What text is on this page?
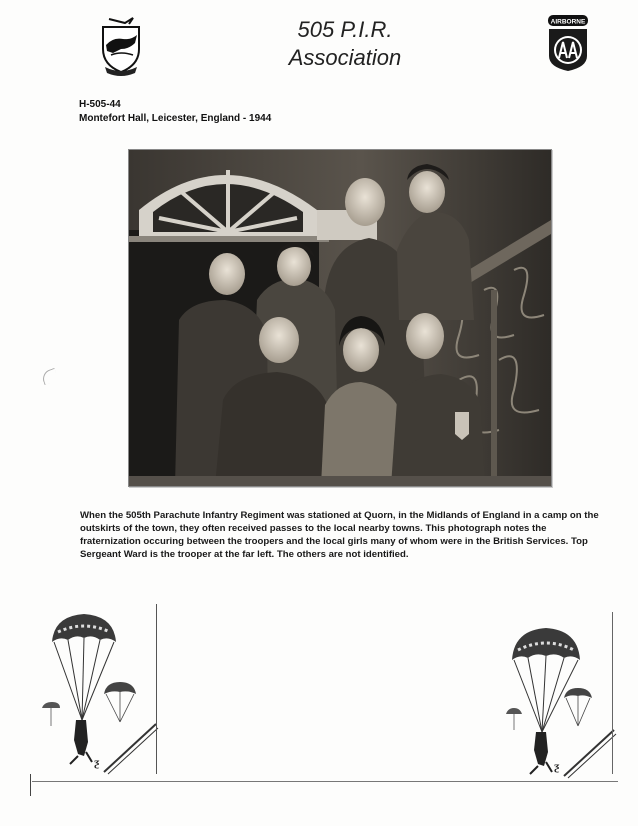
505 P.I.R.
Association
AIRBORNE
H-505-44
Montefort Hall, Leicester, England - 1944
When the 505th Parachute Infantry Regiment was stationed at Quorn, in the Midlands of England in a camp on the outskirts of the town, they often received passes to the local nearby towns. This photograph notes the fraternization occuring between the troopers and the local girls many of whom were in the British Services. Top Sergeant Ward is the trooper at the far left. The others are not identified.
ƺ	ƺ
